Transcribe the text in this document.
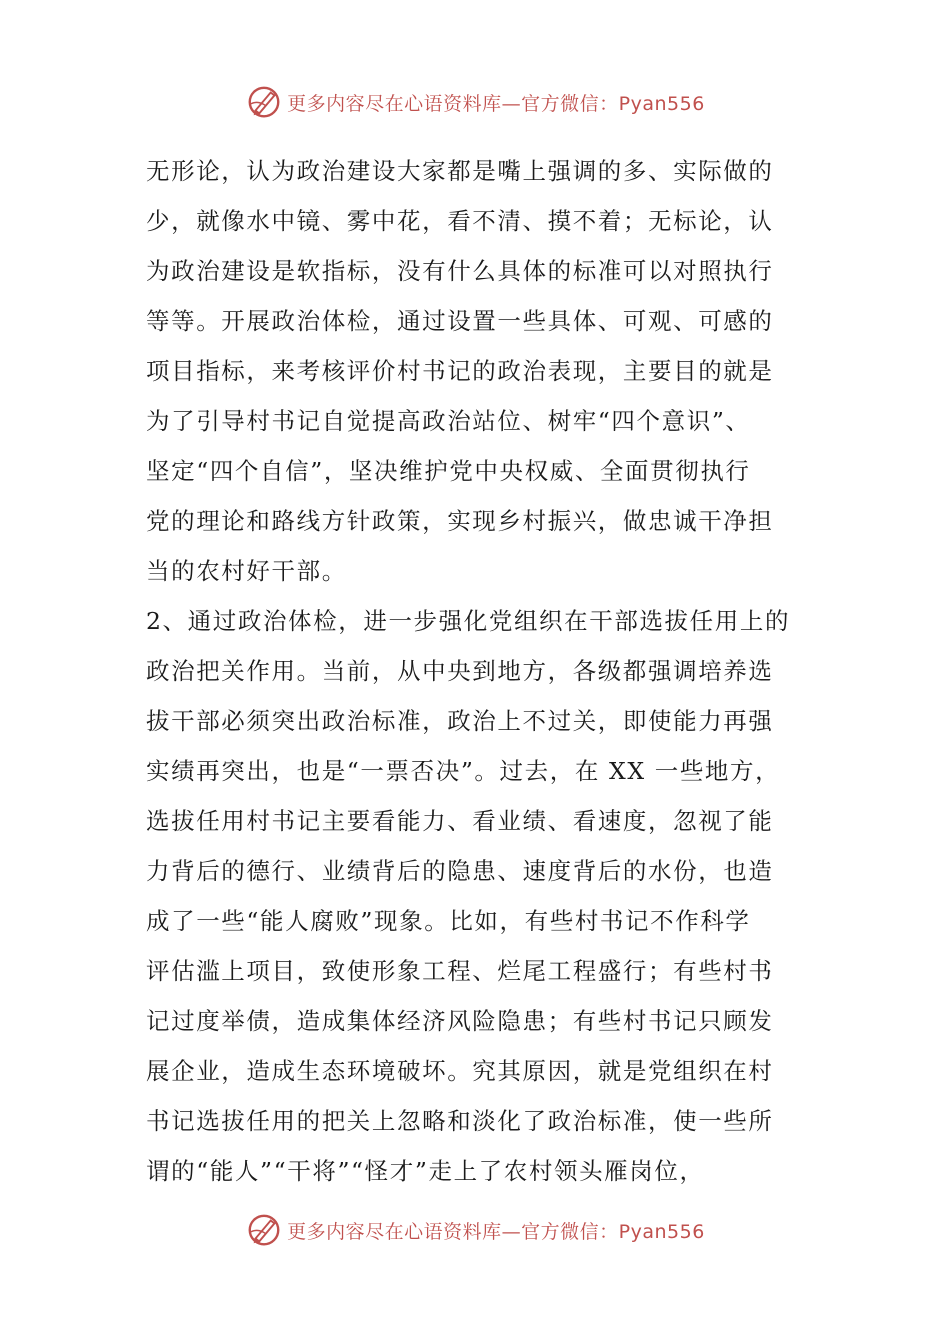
更多内容尽在心语资料库—官方微信：Pyan556
无形论，认为政治建设大家都是嘴上强调的多、实际做的
少，就像水中镜、雾中花，看不清、摸不着；无标论，认
为政治建设是软指标，没有什么具体的标准可以对照执行
等等。开展政治体检，通过设置一些具体、可观、可感的
项目指标，来考核评价村书记的政治表现，主要目的就是
为了引导村书记自觉提高政治站位、树牢“四个意识”、
坚定“四个自信”，坚决维护党中央权威、全面贯彻执行
党的理论和路线方针政策，实现乡村振兴，做忠诚干净担
当的农村好干部。
2、通过政治体检，进一步强化党组织在干部选拔任用上的
政治把关作用。当前，从中央到地方，各级都强调培养选
拔干部必须突出政治标准，政治上不过关，即使能力再强
实绩再突出，也是“一票否决”。过去，在 XX 一些地方，
选拔任用村书记主要看能力、看业绩、看速度，忽视了能
力背后的德行、业绩背后的隐患、速度背后的水份，也造
成了一些“能人腐败”现象。比如，有些村书记不作科学
评估滥上项目，致使形象工程、烂尾工程盛行；有些村书
记过度举债，造成集体经济风险隐患；有些村书记只顾发
展企业，造成生态环境破坏。究其原因，就是党组织在村
书记选拔任用的把关上忽略和淡化了政治标准，使一些所
谓的“能人”“干将”“怪才”走上了农村领头雁岗位，
更多内容尽在心语资料库—官方微信：Pyan556
